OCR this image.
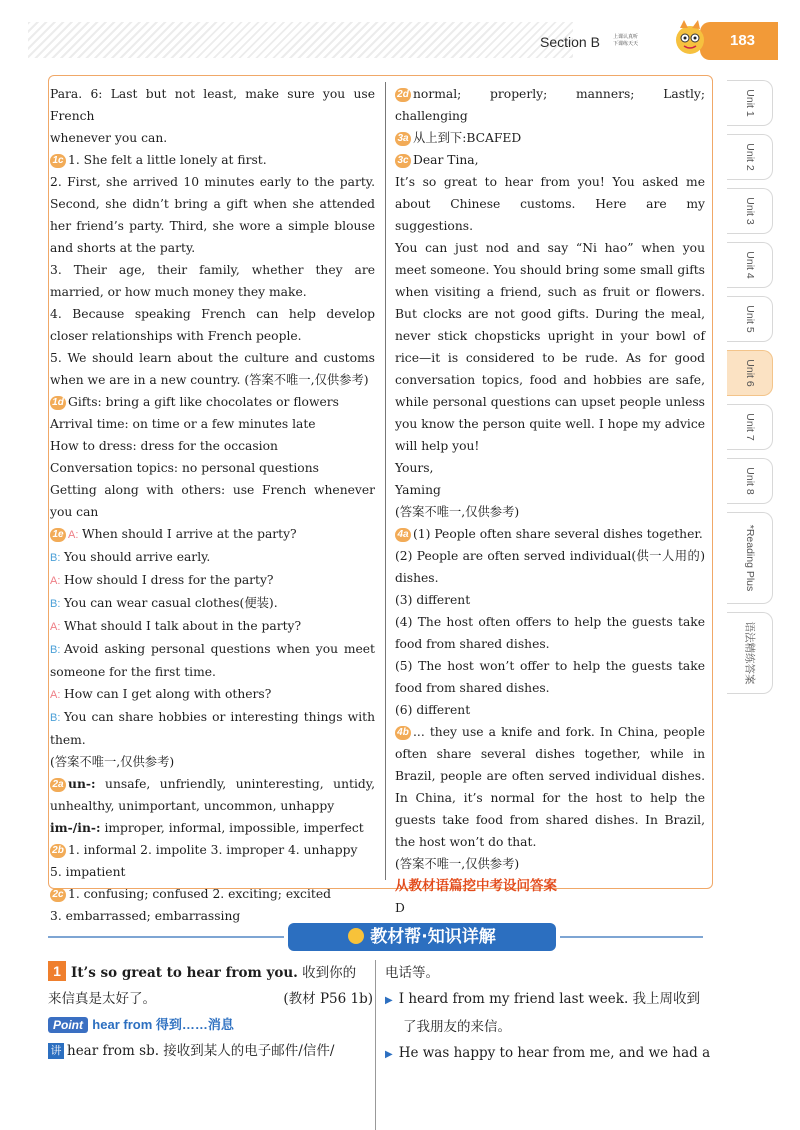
Section B	上课认真听
下课练天天	183

Para. 6: Last but not least, make sure you use French

whenever you can.

1c 1. She felt a little lonely at first.

2. First, she arrived 10 minutes early to the party. Second, she didn’t bring a gift when she attended her friend’s party. Third, she wore a simple blouse and shorts at the party.

3. Their age, their family, whether they are married, or how much money they make.

4. Because speaking French can help develop closer relationships with French people.

5. We should learn about the culture and customs when we are in a new country. (答案不唯一,仅供参考)

1d Gifts: bring a gift like chocolates or flowers

Arrival time: on time or a few minutes late

How to dress: dress for the occasion

Conversation topics: no personal questions

Getting along with others: use French whenever you can

1e A: When should I arrive at the party?

B: You should arrive early.

A: How should I dress for the party?

B: You can wear casual clothes(便装).

A: What should I talk about in the party?

B: Avoid asking personal questions when you meet someone for the first time.

A: How can I get along with others?

B: You can share hobbies or interesting things with them.

(答案不唯一,仅供参考)

2a un-: unsafe, unfriendly, uninteresting, untidy, unhealthy, unimportant, uncommon, unhappy

im-/in-: improper, informal, impossible, imperfect

2b 1. informal 2. impolite 3. improper 4. unhappy

5. impatient

2c 1. confusing; confused 2. exciting; excited

3. embarrassed; embarrassing

2d normal; properly; manners; Lastly; challenging

3a 从上到下:BCAFED

3c Dear Tina,

It’s so great to hear from you! You asked me about Chinese customs. Here are my suggestions.

You can just nod and say “Ni hao” when you meet someone. You should bring some small gifts when visiting a friend, such as fruit or flowers. But clocks are not good gifts. During the meal, never stick chopsticks upright in your bowl of rice—it is considered to be rude. As for good conversation topics, food and hobbies are safe, while personal questions can upset people unless you know the person quite well. I hope my advice will help you!

Yours,

Yaming

(答案不唯一,仅供参考)

4a (1) People often share several dishes together.

(2) People are often served individual(供一人用的) dishes.

(3) different

(4) The host often offers to help the guests take food from shared dishes.

(5) The host won’t offer to help the guests take food from shared dishes.

(6) different

4b ... they use a knife and fork. In China, people often share several dishes together, while in Brazil, people are often served individual dishes. In China, it’s normal for the host to help the guests take food from shared dishes. In Brazil, the host won’t do that.

(答案不唯一,仅供参考)

从教材语篇挖中考设问答案

D

Unit 1
Unit 2
Unit 3
Unit 4
Unit 5
Unit 6
Unit 7
Unit 8
*Reading Plus
语法精练答案
教材帮·知识详解

1 It’s so great to hear from you. 收到你的

来信真是太好了。	(教材 P56 1b)

Point hear from 得到……消息

讲 hear from sb. 接收到某人的电子邮件/信件/

电话等。

▶ I heard from my friend last week. 我上周收到

了我朋友的来信。

▶ He was happy to hear from me, and we had a
